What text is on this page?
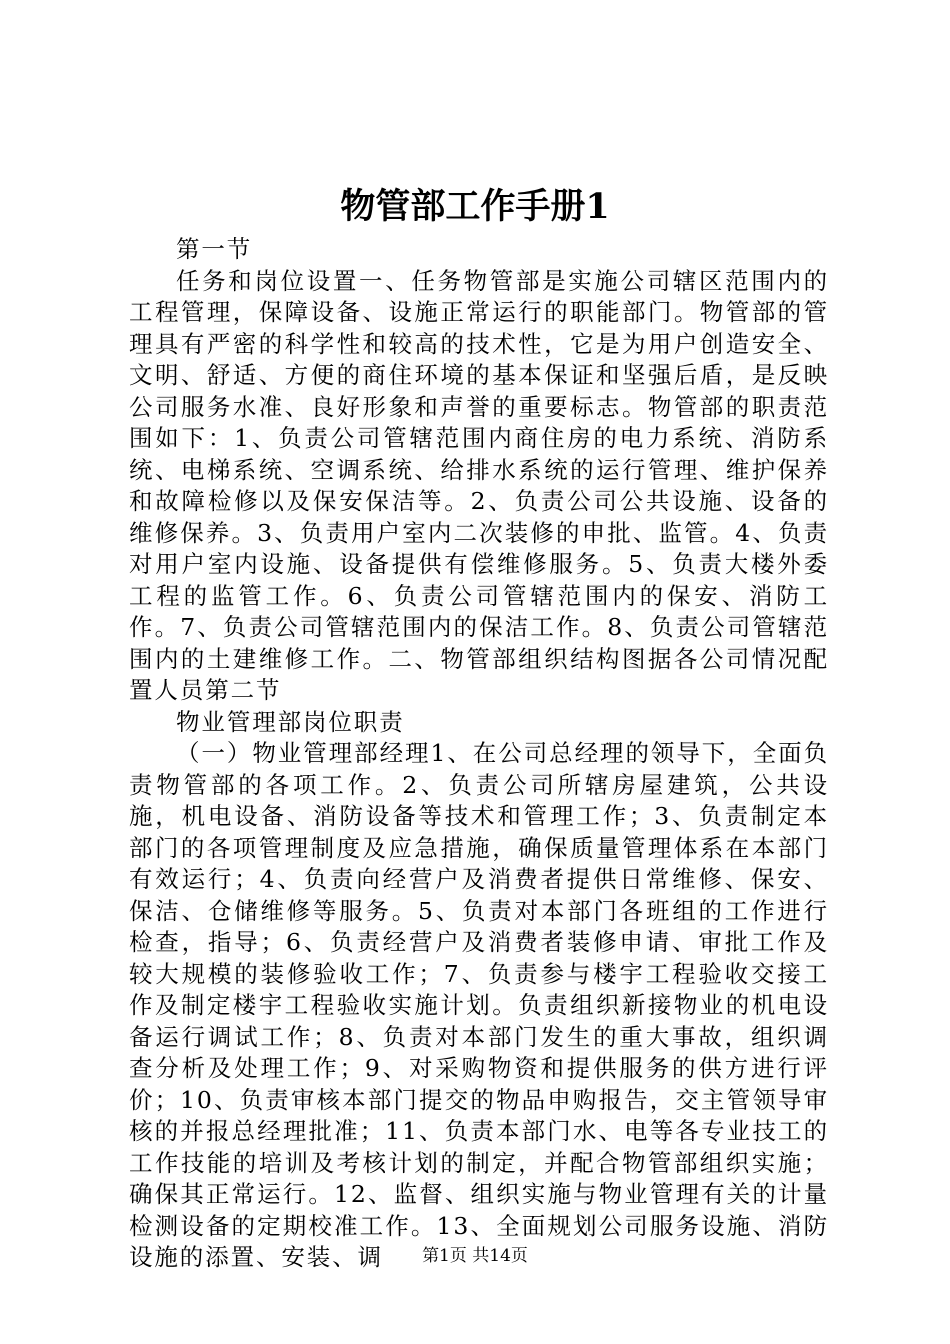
物管部工作手册1

第一节

任务和岗位设置一、任务物管部是实施公司辖区范围内的工程管理，保障设备、设施正常运行的职能部门。物管部的管理具有严密的科学性和较高的技术性，它是为用户创造安全、文明、舒适、方便的商住环境的基本保证和坚强后盾，是反映公司服务水准、良好形象和声誉的重要标志。物管部的职责范围如下：1、负责公司管辖范围内商住房的电力系统、消防系统、电梯系统、空调系统、给排水系统的运行管理、维护保养和故障检修以及保安保洁等。2、负责公司公共设施、设备的维修保养。3、负责用户室内二次装修的申批、监管。4、负责对用户室内设施、设备提供有偿维修服务。5、负责大楼外委工程的监管工作。6、负责公司管辖范围内的保安、消防工作。7、负责公司管辖范围内的保洁工作。8、负责公司管辖范围内的土建维修工作。二、物管部组织结构图据各公司情况配置人员第二节

物业管理部岗位职责

（一）物业管理部经理1、在公司总经理的领导下，全面负责物管部的各项工作。2、负责公司所辖房屋建筑，公共设施，机电设备、消防设备等技术和管理工作；3、负责制定本部门的各项管理制度及应急措施，确保质量管理体系在本部门有效运行；4、负责向经营户及消费者提供日常维修、保安、保洁、仓储维修等服务。5、负责对本部门各班组的工作进行检查，指导；6、负责经营户及消费者装修申请、审批工作及较大规模的装修验收工作；7、负责参与楼宇工程验收交接工作及制定楼宇工程验收实施计划。负责组织新接物业的机电设备运行调试工作；8、负责对本部门发生的重大事故，组织调查分析及处理工作；9、对采购物资和提供服务的供方进行评价；10、负责审核本部门提交的物品申购报告，交主管领导审核的并报总经理批准；11、负责本部门水、电等各专业技工的工作技能的培训及考核计划的制定，并配合物管部组织实施；确保其正常运行。12、监督、组织实施与物业管理有关的计量检测设备的定期校准工作。13、全面规划公司服务设施、消防设施的添置、安装、调	第1页 共14页
